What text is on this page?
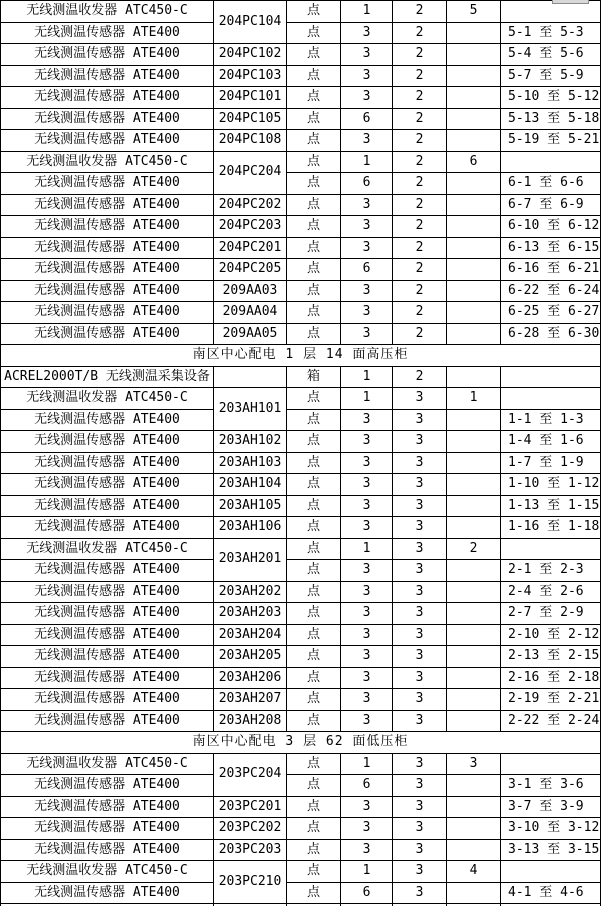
无线测温收发器 ATC450-C	204PC104	点	1	2	5	
无线测温传感器 ATE400		点	3	2		5-1 至 5-3
无线测温传感器 ATE400	204PC102	点	3	2		5-4 至 5-6
无线测温传感器 ATE400	204PC103	点	3	2		5-7 至 5-9
无线测温传感器 ATE400	204PC101	点	3	2		5-10 至 5-12
无线测温传感器 ATE400	204PC105	点	6	2		5-13 至 5-18
无线测温传感器 ATE400	204PC108	点	3	2		5-19 至 5-21
无线测温收发器 ATC450-C	204PC204	点	1	2	6	
无线测温传感器 ATE400		点	6	2		6-1 至 6-6
无线测温传感器 ATE400	204PC202	点	3	2		6-7 至 6-9
无线测温传感器 ATE400	204PC203	点	3	2		6-10 至 6-12
无线测温传感器 ATE400	204PC201	点	3	2		6-13 至 6-15
无线测温传感器 ATE400	204PC205	点	6	2		6-16 至 6-21
无线测温传感器 ATE400	209AA03	点	3	2		6-22 至 6-24
无线测温传感器 ATE400	209AA04	点	3	2		6-25 至 6-27
无线测温传感器 ATE400	209AA05	点	3	2		6-28 至 6-30
南区中心配电 1 层 14 面高压柜						
ACREL2000T/B 无线测温采集设备		箱	1	2		
无线测温收发器 ATC450-C	203AH101	点	1	3	1	
无线测温传感器 ATE400		点	3	3		1-1 至 1-3
无线测温传感器 ATE400	203AH102	点	3	3		1-4 至 1-6
无线测温传感器 ATE400	203AH103	点	3	3		1-7 至 1-9
无线测温传感器 ATE400	203AH104	点	3	3		1-10 至 1-12
无线测温传感器 ATE400	203AH105	点	3	3		1-13 至 1-15
无线测温传感器 ATE400	203AH106	点	3	3		1-16 至 1-18
无线测温收发器 ATC450-C	203AH201	点	1	3	2	
无线测温传感器 ATE400		点	3	3		2-1 至 2-3
无线测温传感器 ATE400	203AH202	点	3	3		2-4 至 2-6
无线测温传感器 ATE400	203AH203	点	3	3		2-7 至 2-9
无线测温传感器 ATE400	203AH204	点	3	3		2-10 至 2-12
无线测温传感器 ATE400	203AH205	点	3	3		2-13 至 2-15
无线测温传感器 ATE400	203AH206	点	3	3		2-16 至 2-18
无线测温传感器 ATE400	203AH207	点	3	3		2-19 至 2-21
无线测温传感器 ATE400	203AH208	点	3	3		2-22 至 2-24
南区中心配电 3 层 62 面低压柜						
无线测温收发器 ATC450-C	203PC204	点	1	3	3	
无线测温传感器 ATE400		点	6	3		3-1 至 3-6
无线测温传感器 ATE400	203PC201	点	3	3		3-7 至 3-9
无线测温传感器 ATE400	203PC202	点	3	3		3-10 至 3-12
无线测温传感器 ATE400	203PC203	点	3	3		3-13 至 3-15
无线测温收发器 ATC450-C	203PC210	点	1	3	4	
无线测温传感器 ATE400		点	6	3		4-1 至 4-6
